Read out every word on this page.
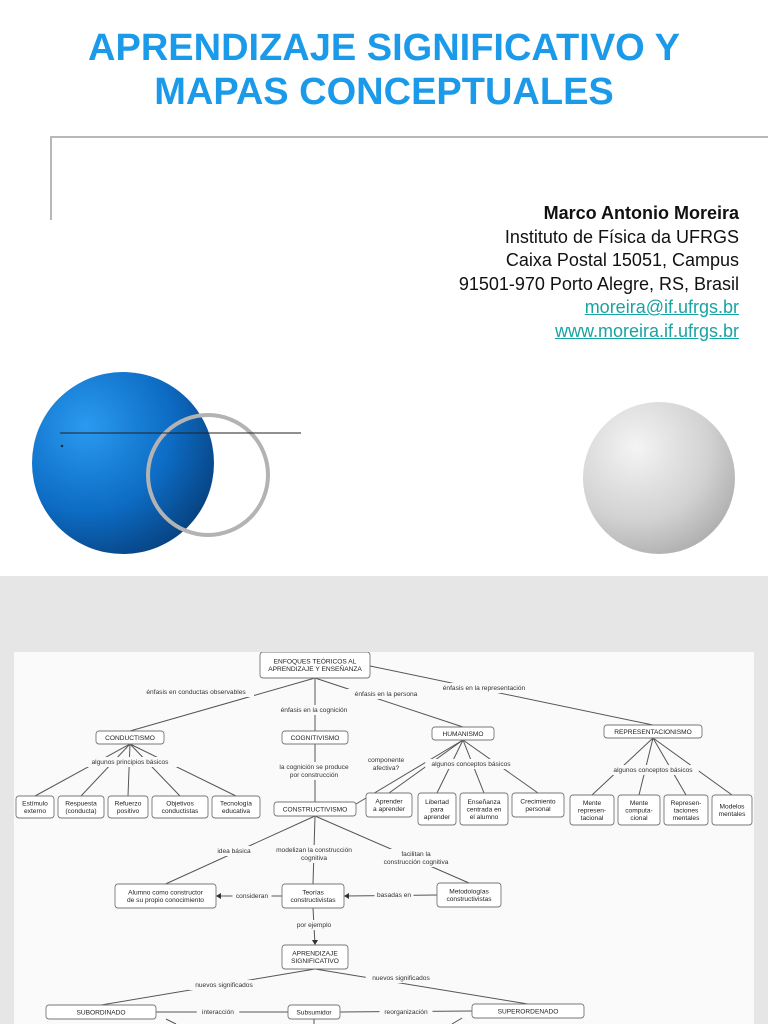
APRENDIZAJE SIGNIFICATIVO Y
MAPAS CONCEPTUALES
Marco Antonio Moreira
Instituto de Física da UFRGS
Caixa Postal 15051, Campus
91501-970 Porto Alegre, RS, Brasil
moreira@if.ufrgs.br
www.moreira.if.ufrgs.br
énfasis en conductas observables
énfasis en la cognición
énfasis en la persona
énfasis en la representación
algunos principios básicos
la cognición se produce
por construcción
componente
afectiva?
algunos conceptos básicos
algunos conceptos básicos
idea básica	modelizan la construcción
cognitiva
facilitan la
construcción cognitiva
consideran	basadas en
por ejemplo
nuevos significados
nuevos significados
interacción	reorganización
ENFOQUES TEÓRICOS AL
APRENDIZAJE Y ENSEÑANZA
CONDUCTISMO	COGNITIVISMO
HUMANISMO	REPRESENTACIONISMO
Estímulo
externo
Respuesta
(conducta)
Refuerzo
positivo
Objetivos
conductistas
Tecnología
educativa	CONSTRUCTIVISMO
Aprender
a aprender
Libertad
para
aprender
Enseñanza
centrada en
el alumno
Crecimiento
personal
Mente
represen-
tacional
Mente
computa-
cional
Represen-
taciones
mentales
Modelos
mentales
Alumno como constructor
de su propio conocimiento
Teorías
constructivistas
Metodologías
constructivistas
APRENDIZAJE
SIGNIFICATIVO
SUBORDINADO	Subsumidor	SUPERORDENADO
